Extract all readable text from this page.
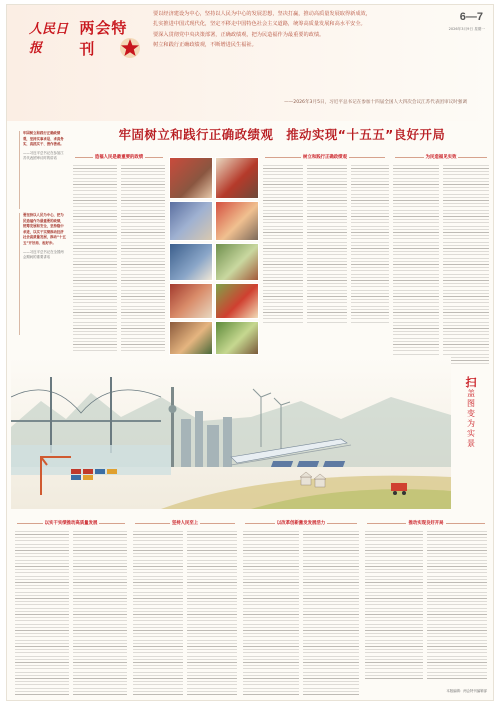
人民日报
两会特刊

要以经济建设为中心，坚持以人民为中心的发展思想，坚决打赢，推动高质量发展取得新成效，

扎实推进中国式现代化，坚定不移走中国特色社会主义道路，统筹高质量发展和高水平安全。

要深入贯彻党中央决策部署，正确政绩观，把为民造福作为最重要的政绩。

树立和践行正确政绩观，不断增进民生福祉。

——2026年3月5日，习近平总书记在参加十四届全国人大四次会议江苏代表团审议时强调
6—7
2026年3月9日 星期一
牢固树立和践行正确政绩观　推动实现“十五五”良好开局

牢固树立和践行正确政绩观，坚持实事求是、求真务实，真抓实干、善作善成。

——习近平总书记在参加江苏代表团审议时的讲话

要坚持以人民为中心，把为民造福作为最重要的政绩，统筹发展和安全，坚持稳中求进，以实干实绩推动经济社会高质量发展，推动“十五五”开好局、起好步。

——习近平总书记在全国两会期间的重要讲话
造福人民是最重要的政绩	树立和践行正确政绩观	为民造福见实效
扫
盖图变为实景
以实干实绩推动高质量发展	坚持人民至上	以改革创新激发发展活力	推动实现良好开局
本版编辑：两会特刊编辑部
